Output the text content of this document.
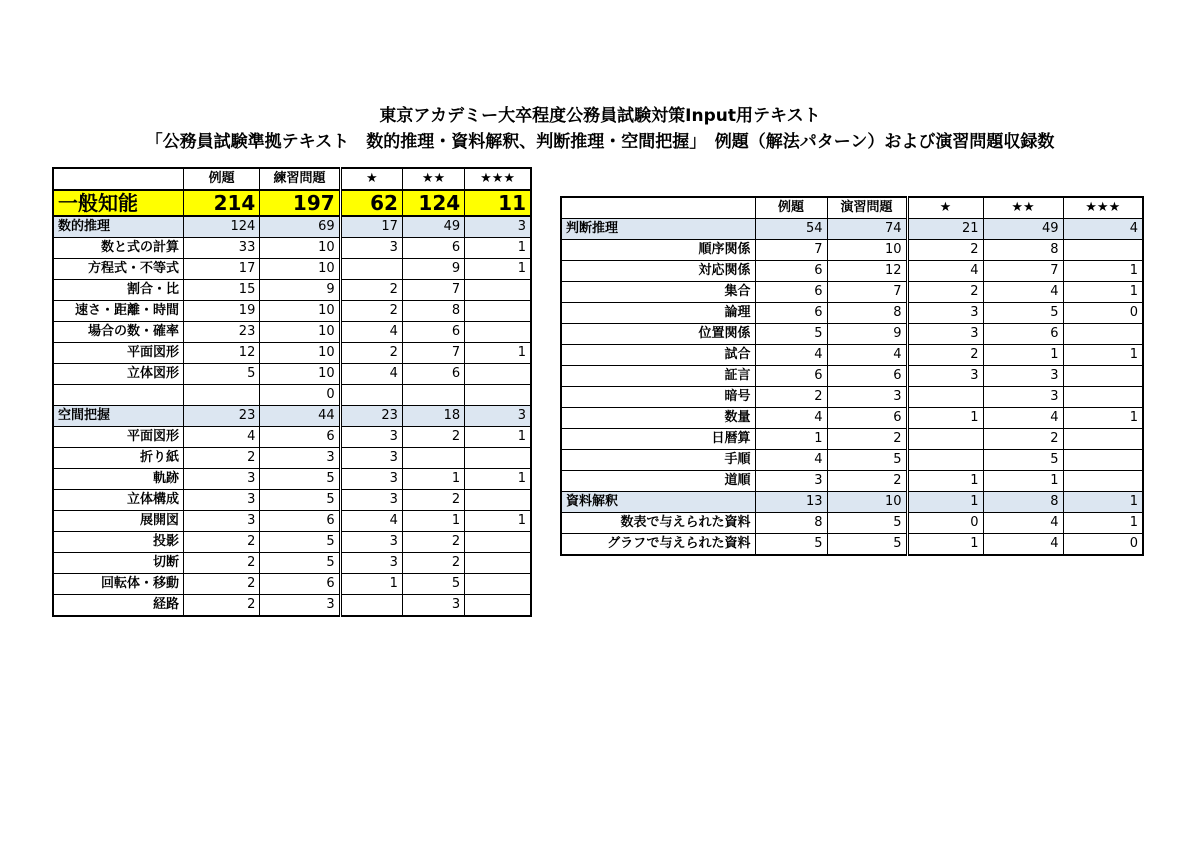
東京アカデミー大卒程度公務員試験対策Input用テキスト
「公務員試験準拠テキスト　数的推理・資料解釈、判断推理・空間把握」　例題（解法パターン）および演習問題収録数
	例題	練習問題	★	★★	★★★
一般知能	214	197	62	124	11
数的推理	124	69	17	49	3
数と式の計算	33	10	3	6	1
方程式・不等式	17	10		9	1
割合・比	15	9	2	7	
速さ・距離・時間	19	10	2	8	
場合の数・確率	23	10	4	6	
平面図形	12	10	2	7	1
立体図形	5	10	4	6	
		0			
空間把握	23	44	23	18	3
平面図形	4	6	3	2	1
折り紙	2	3	3		
軌跡	3	5	3	1	1
立体構成	3	5	3	2	
展開図	3	6	4	1	1
投影	2	5	3	2	
切断	2	5	3	2	
回転体・移動	2	6	1	5	
経路	2	3		3	
	例題	演習問題	★	★★	★★★
判断推理	54	74	21	49	4
順序関係	7	10	2	8	
対応関係	6	12	4	7	1
集合	6	7	2	4	1
論理	6	8	3	5	0
位置関係	5	9	3	6	
試合	4	4	2	1	1
証言	6	6	3	3	
暗号	2	3		3	
数量	4	6	1	4	1
日暦算	1	2		2	
手順	4	5		5	
道順	3	2	1	1	
資料解釈	13	10	1	8	1
数表で与えられた資料	8	5	0	4	1
グラフで与えられた資料	5	5	1	4	0
